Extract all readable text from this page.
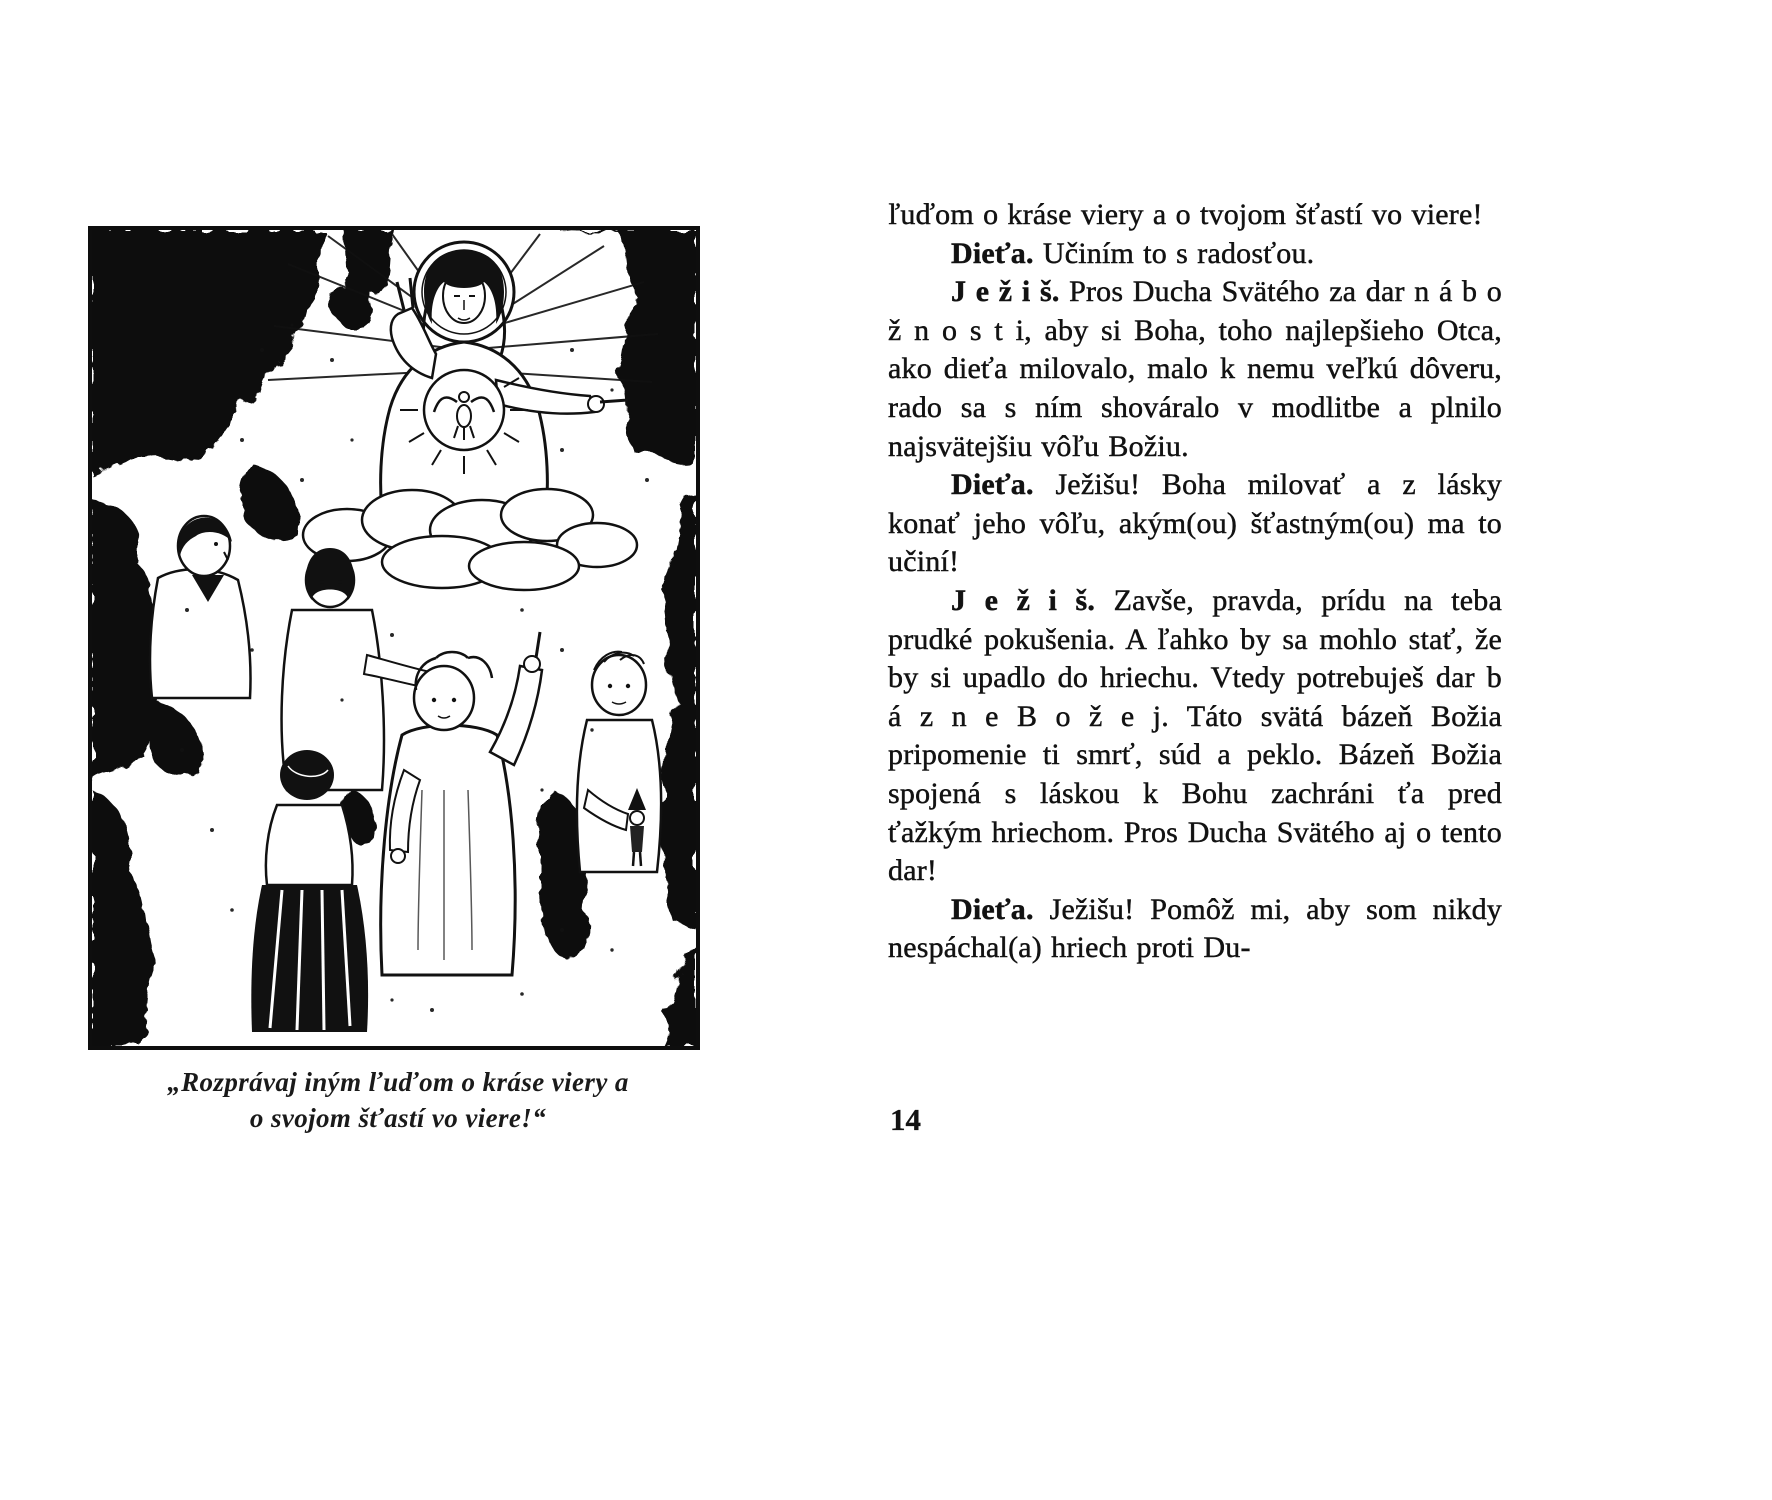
„Rozprávaj iným ľuďom o kráse viery a
o svojom šťastí vo viere!“

ľuďom o kráse viery a o tvojom šťastí vo viere!

Dieťa. Učiním to s radosťou.

J e ž i š. Pros Ducha Svätého za dar n á b o ž n o s t i, aby si Boha, toho najlepšieho Otca, ako dieťa milovalo, malo k nemu veľkú dôveru, rado sa s ním shováralo v modlitbe a plnilo najsvätejšiu vôľu Božiu.

Dieťa. Ježišu! Boha milovať a z lásky konať jeho vôľu, akým(ou) šťastným(ou) ma to učiní!

J e ž i š. Zavše, pravda, prídu na teba prudké pokušenia. A ľahko by sa mohlo stať, že by si upadlo do hriechu. Vtedy potrebuješ dar b á z n e B o ž e j. Táto svätá bázeň Božia pripomenie ti smrť, súd a peklo. Bázeň Božia spojená s láskou k Bohu zachráni ťa pred ťažkým hriechom. Pros Ducha Svätého aj o tento dar!

Dieťa. Ježišu! Pomôž mi, aby som nikdy nespáchal(a) hriech proti Du-

14
